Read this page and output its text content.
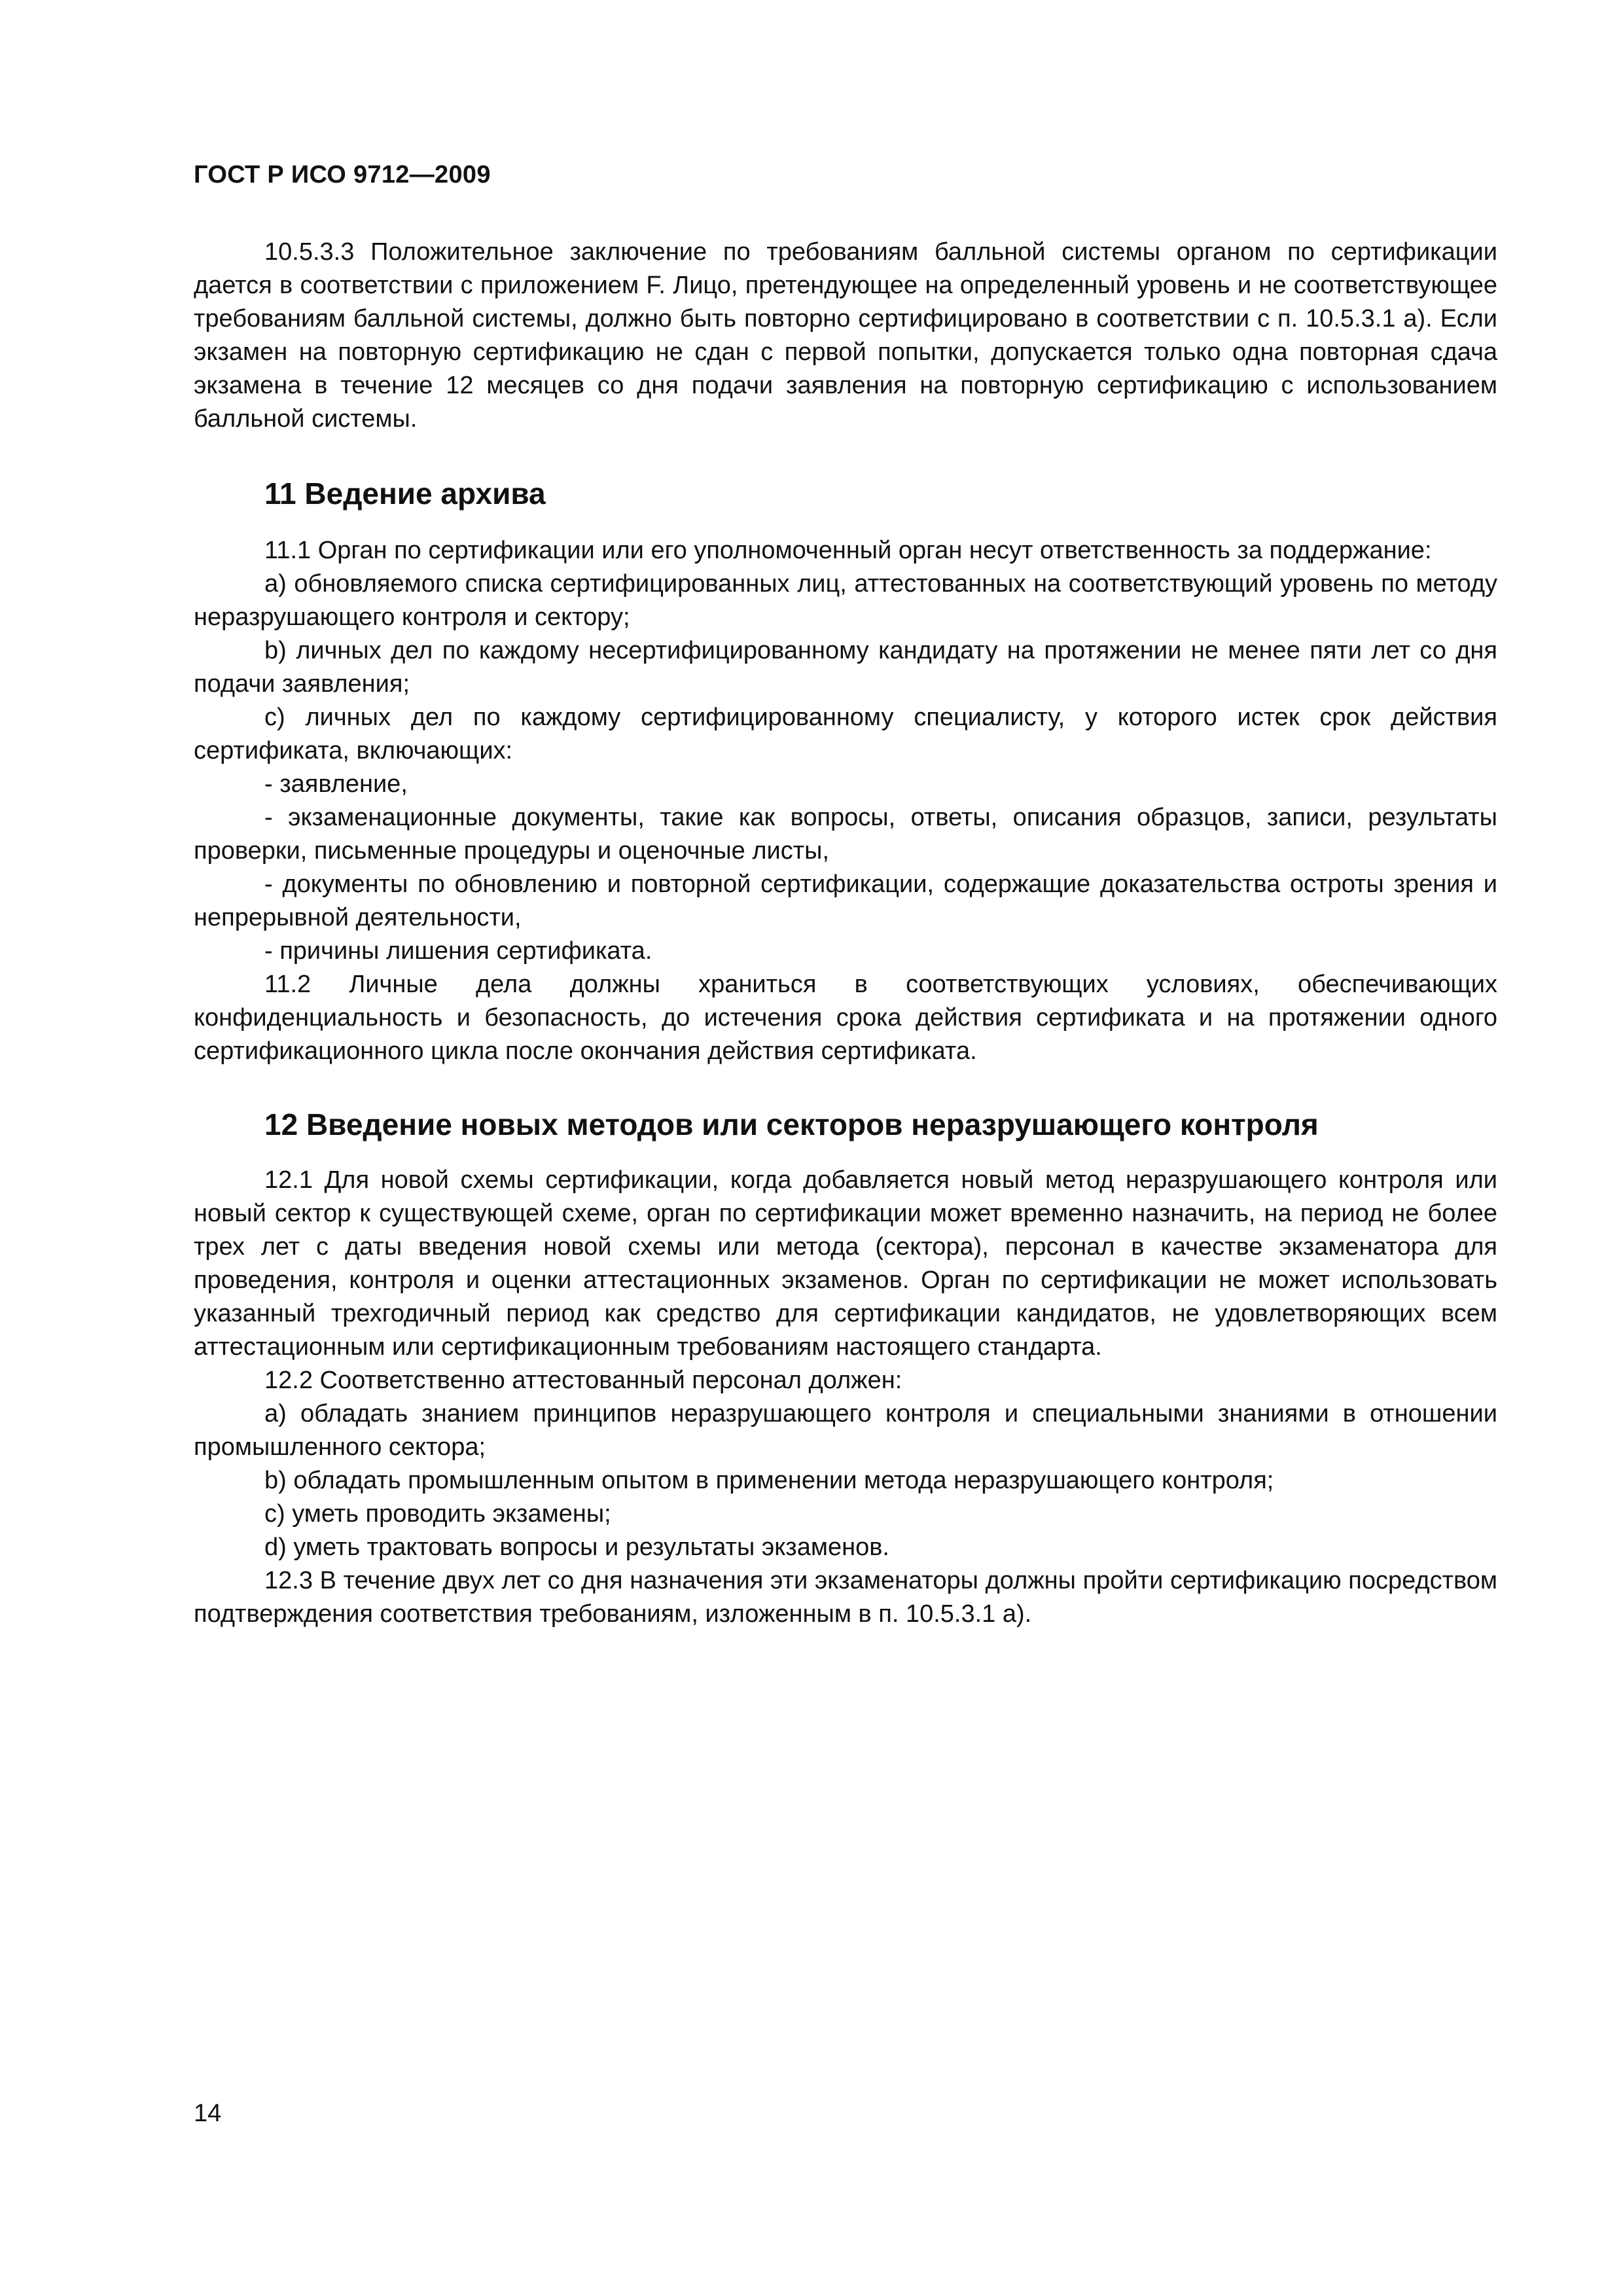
ГОСТ Р ИСО 9712—2009

10.5.3.3 Положительное заключение по требованиям балльной системы органом по сертификации дается в соответствии с приложением F. Лицо, претендующее на определенный уровень и не соответствующее требованиям балльной системы, должно быть повторно сертифицировано в соответствии с п. 10.5.3.1 а). Если экзамен на повторную сертификацию не сдан с первой попытки, допускается только одна повторная сдача экзамена в течение 12 месяцев со дня подачи заявления на повторную сертификацию с использованием балльной системы.

11 Ведение архива

11.1 Орган по сертификации или его уполномоченный орган несут ответственность за поддержание:

а) обновляемого списка сертифицированных лиц, аттестованных на соответствующий уровень по методу неразрушающего контроля и сектору;

b) личных дел по каждому несертифицированному кандидату на протяжении не менее пяти лет со дня подачи заявления;

c) личных дел по каждому сертифицированному специалисту, у которого истек срок действия сертификата, включающих:

- заявление,

- экзаменационные документы, такие как вопросы, ответы, описания образцов, записи, результаты проверки, письменные процедуры и оценочные листы,

- документы по обновлению и повторной сертификации, содержащие доказательства остроты зрения и непрерывной деятельности,

- причины лишения сертификата.

11.2 Личные дела должны храниться в соответствующих условиях, обеспечивающих конфиденциальность и безопасность, до истечения срока действия сертификата и на протяжении одного сертификационного цикла после окончания действия сертификата.

12 Введение новых методов или секторов неразрушающего контроля

12.1 Для новой схемы сертификации, когда добавляется новый метод неразрушающего контроля или новый сектор к существующей схеме, орган по сертификации может временно назначить, на период не более трех лет с даты введения новой схемы или метода (сектора), персонал в качестве экзаменатора для проведения, контроля и оценки аттестационных экзаменов. Орган по сертификации не может использовать указанный трехгодичный период как средство для сертификации кандидатов, не удовлетворяющих всем аттестационным или сертификационным требованиям настоящего стандарта.

12.2 Соответственно аттестованный персонал должен:

а) обладать знанием принципов неразрушающего контроля и специальными знаниями в отношении промышленного сектора;

b) обладать промышленным опытом в применении метода неразрушающего контроля;

c) уметь проводить экзамены;

d) уметь трактовать вопросы и результаты экзаменов.

12.3 В течение двух лет со дня назначения эти экзаменаторы должны пройти сертификацию посредством подтверждения соответствия требованиям, изложенным в п. 10.5.3.1 а).

14
